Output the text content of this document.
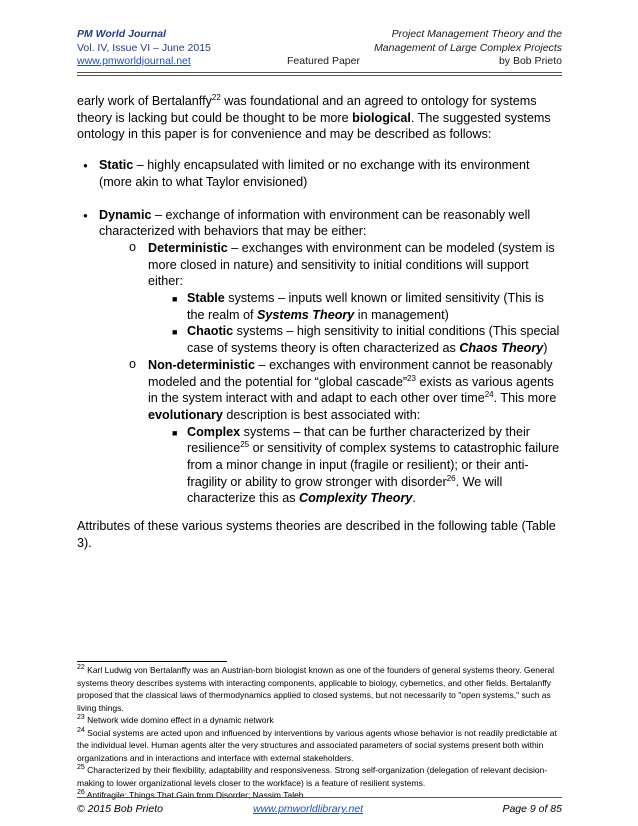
PM World Journal	Project Management Theory and the
Vol. IV, Issue VI – June 2015	Management of Large Complex Projects
www.pmworldjournal.net	Featured Paper	by Bob Prieto

early work of Bertalanffy$^{22}$ was foundational and an agreed to ontology for systems theory is lacking but could be thought to be more biological. The suggested systems ontology in this paper is for convenience and may be described as follows:

● Static – highly encapsulated with limited or no exchange with its environment (more akin to what Taylor envisioned)
● Dynamic – exchange of information with environment can be reasonably well characterized with behaviors that may be either:
o Deterministic – exchanges with environment can be modeled (system is more closed in nature) and sensitivity to initial conditions will support either:
■ Stable systems – inputs well known or limited sensitivity (This is the realm of Systems Theory in management)
■ Chaotic systems – high sensitivity to initial conditions (This special case of systems theory is often characterized as Chaos Theory)
o Non-deterministic – exchanges with environment cannot be reasonably modeled and the potential for “global cascade”$^{23}$ exists as various agents in the system interact with and adapt to each other over time$^{24}$. This more evolutionary description is best associated with:
■ Complex systems – that can be further characterized by their resilience$^{25}$ or sensitivity of complex systems to catastrophic failure from a minor change in input (fragile or resilient); or their anti-fragility or ability to grow stronger with disorder$^{26}$. We will characterize this as Complexity Theory.

Attributes of these various systems theories are described in the following table (Table 3).

$^{22}$ Karl Ludwig von Bertalanffy was an Austrian-born biologist known as one of the founders of general systems theory. General systems theory describes systems with interacting components, applicable to biology, cybernetics, and other fields. Bertalanffy proposed that the classical laws of thermodynamics applied to closed systems, but not necessarily to "open systems," such as living things.

$^{23}$ Network wide domino effect in a dynamic network

$^{24}$ Social systems are acted upon and influenced by interventions by various agents whose behavior is not readily predictable at the individual level. Human agents alter the very structures and associated parameters of social systems present both within organizations and in interactions and interface with external stakeholders.

$^{25}$ Characterized by their flexibility, adaptability and responsiveness. Strong self-organization (delegation of relevant decision-making to lower organizational levels closer to the workface) is a feature of resilient systems.

$^{26}$ Antifragile: Things That Gain from Disorder; Nassim Taleb

© 2015 Bob Prieto	www.pmworldlibrary.net	Page 9 of 85
